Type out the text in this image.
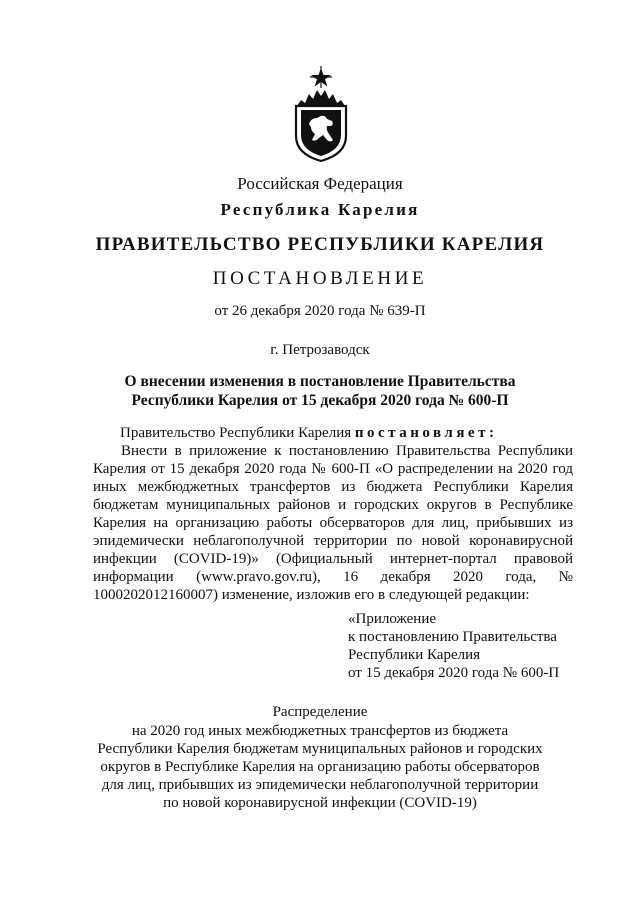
Российская Федерация
Республика Карелия
ПРАВИТЕЛЬСТВО РЕСПУБЛИКИ КАРЕЛИЯ
ПОСТАНОВЛЕНИЕ
от 26 декабря 2020 года № 639-П
г. Петрозаводск
О внесении изменения в постановление Правительства
Республики Карелия от 15 декабря 2020 года № 600-П
Правительство Республики Карелия постановляет:
Внести в приложение к постановлению Правительства Республики Карелия от 15 декабря 2020 года № 600-П «О распределении на 2020 год иных межбюджетных трансфертов из бюджета Республики Карелия бюджетам муниципальных районов и городских округов в Республике Карелия на организацию работы обсерваторов для лиц, прибывших из эпидемически неблагополучной территории по новой коронавирусной инфекции (COVID-19)» (Официальный интернет-портал правовой информации (www.pravo.gov.ru), 16 декабря 2020 года, № 1000202012160007) изменение, изложив его в следующей редакции:
«Приложение
к постановлению Правительства
Республики Карелия
от 15 декабря 2020 года № 600-П
Распределение
на 2020 год иных межбюджетных трансфертов из бюджета
Республики Карелия бюджетам муниципальных районов и городских
округов в Республике Карелия на организацию работы обсерваторов
для лиц, прибывших из эпидемически неблагополучной территории
по новой коронавирусной инфекции (COVID-19)
